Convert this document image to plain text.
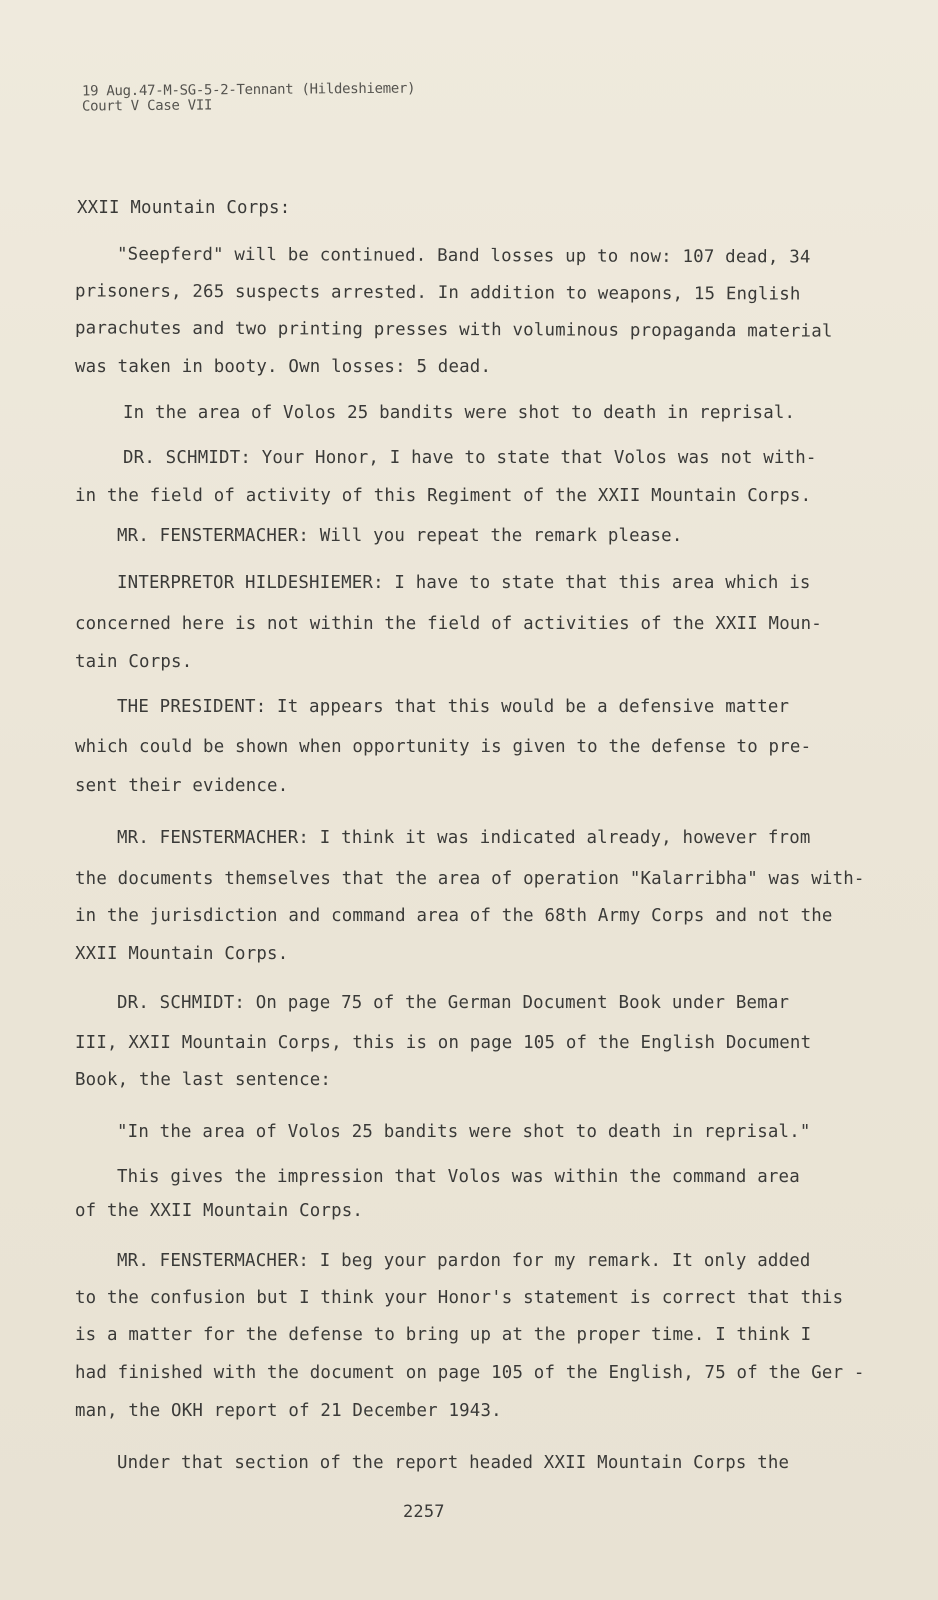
19 Aug.47-M-SG-5-2-Tennant (Hildeshiemer)

Court V Case VII

XXII Mountain Corps:

"Seepferd" will be continued. Band losses up to now: 107 dead, 34

prisoners, 265 suspects arrested. In addition to weapons, 15 English

parachutes and two printing presses with voluminous propaganda material

was taken in booty. Own losses: 5 dead.

In the area of Volos 25 bandits were shot to death in reprisal.

DR. SCHMIDT: Your Honor, I have to state that Volos was not with-

in the field of activity of this Regiment of the XXII Mountain Corps.

MR. FENSTERMACHER: Will you repeat the remark please.

INTERPRETOR HILDESHIEMER: I have to state that this area which is

concerned here is not within the field of activities of the XXII Moun-

tain Corps.

THE PRESIDENT: It appears that this would be a defensive matter

which could be shown when opportunity is given to the defense to pre-

sent their evidence.

MR. FENSTERMACHER: I think it was indicated already, however from

the documents themselves that the area of operation "Kalarribha" was with-

in the jurisdiction and command area of the 68th Army Corps and not the

XXII Mountain Corps.

DR. SCHMIDT: On page 75 of the German Document Book under Bemar

III, XXII Mountain Corps, this is on page 105 of the English Document

Book, the last sentence:

"In the area of Volos 25 bandits were shot to death in reprisal."

This gives the impression that Volos was within the command area

of the XXII Mountain Corps.

MR. FENSTERMACHER: I beg your pardon for my remark. It only added

to the confusion but I think your Honor's statement is correct that this

is a matter for the defense to bring up at the proper time. I think I

had finished with the document on page 105 of the English, 75 of the Ger -

man, the OKH report of 21 December 1943.

Under that section of the report headed XXII Mountain Corps the

2257
